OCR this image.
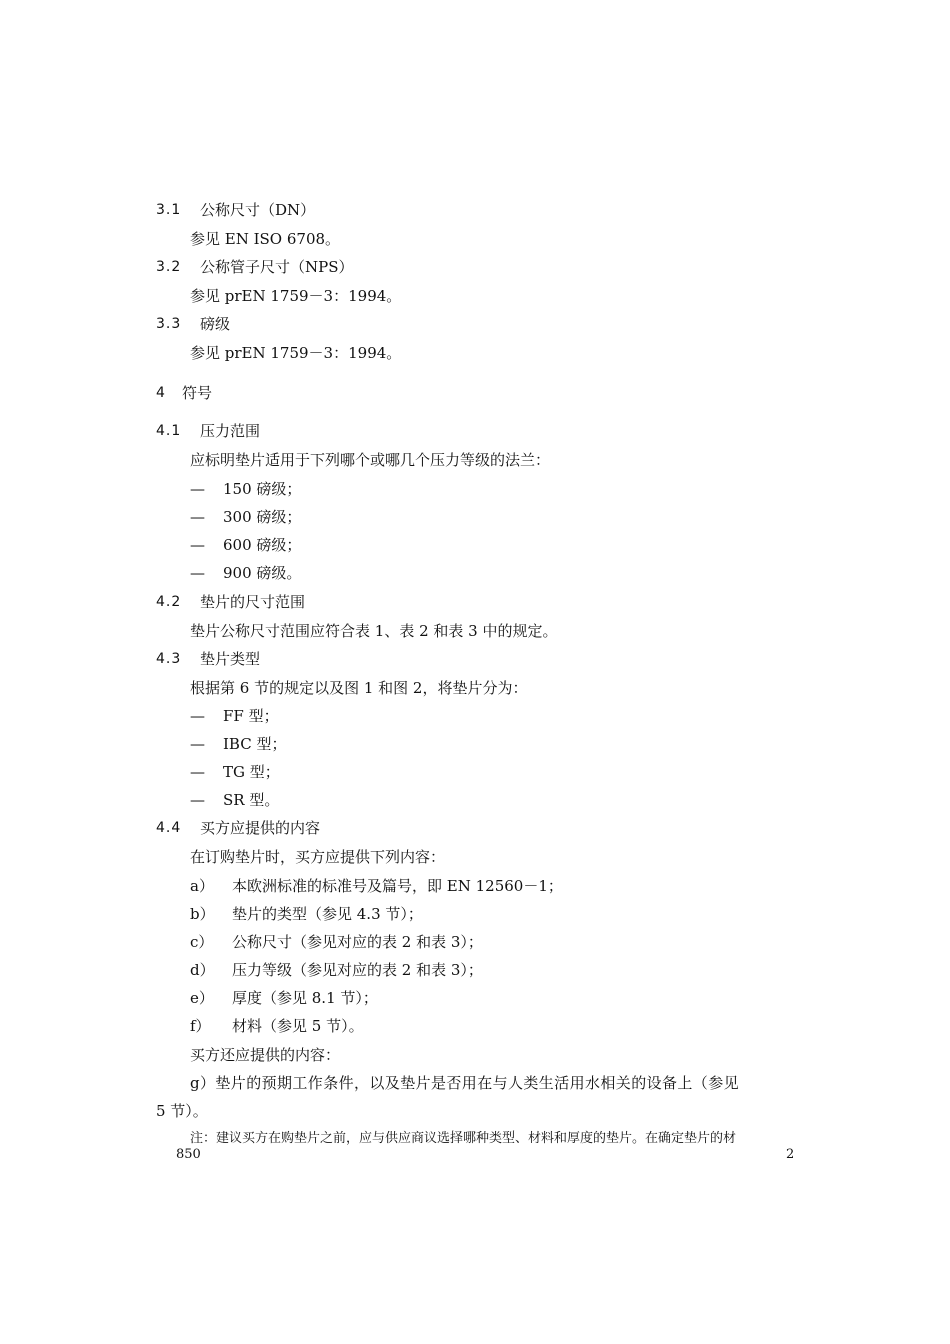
3.1 公称尺寸（DN）
参见 EN ISO 6708。
3.2 公称管子尺寸（NPS）
参见 prEN 1759－3：1994。
3.3 磅级
参见 prEN 1759－3：1994。
4 符号
4.1 压力范围
应标明垫片适用于下列哪个或哪几个压力等级的法兰：
— 150 磅级；
— 300 磅级；
— 600 磅级；
— 900 磅级。
4.2 垫片的尺寸范围
垫片公称尺寸范围应符合表 1、表 2 和表 3 中的规定。
4.3 垫片类型
根据第 6 节的规定以及图 1 和图 2，将垫片分为：
— FF 型；
— IBC 型；
— TG 型；
— SR 型。
4.4 买方应提供的内容
在订购垫片时，买方应提供下列内容：
a） 本欧洲标准的标准号及篇号，即 EN 12560－1；
b） 垫片的类型（参见 4.3 节）；
c） 公称尺寸（参见对应的表 2 和表 3）；
d） 压力等级（参见对应的表 2 和表 3）；
e） 厚度（参见 8.1 节）；
f） 材料（参见 5 节）。
买方还应提供的内容：
g）垫片的预期工作条件，以及垫片是否用在与人类生活用水相关的设备上（参见
5 节）。
注：建议买方在购垫片之前，应与供应商议选择哪种类型、材料和厚度的垫片。在确定垫片的材
850	2
